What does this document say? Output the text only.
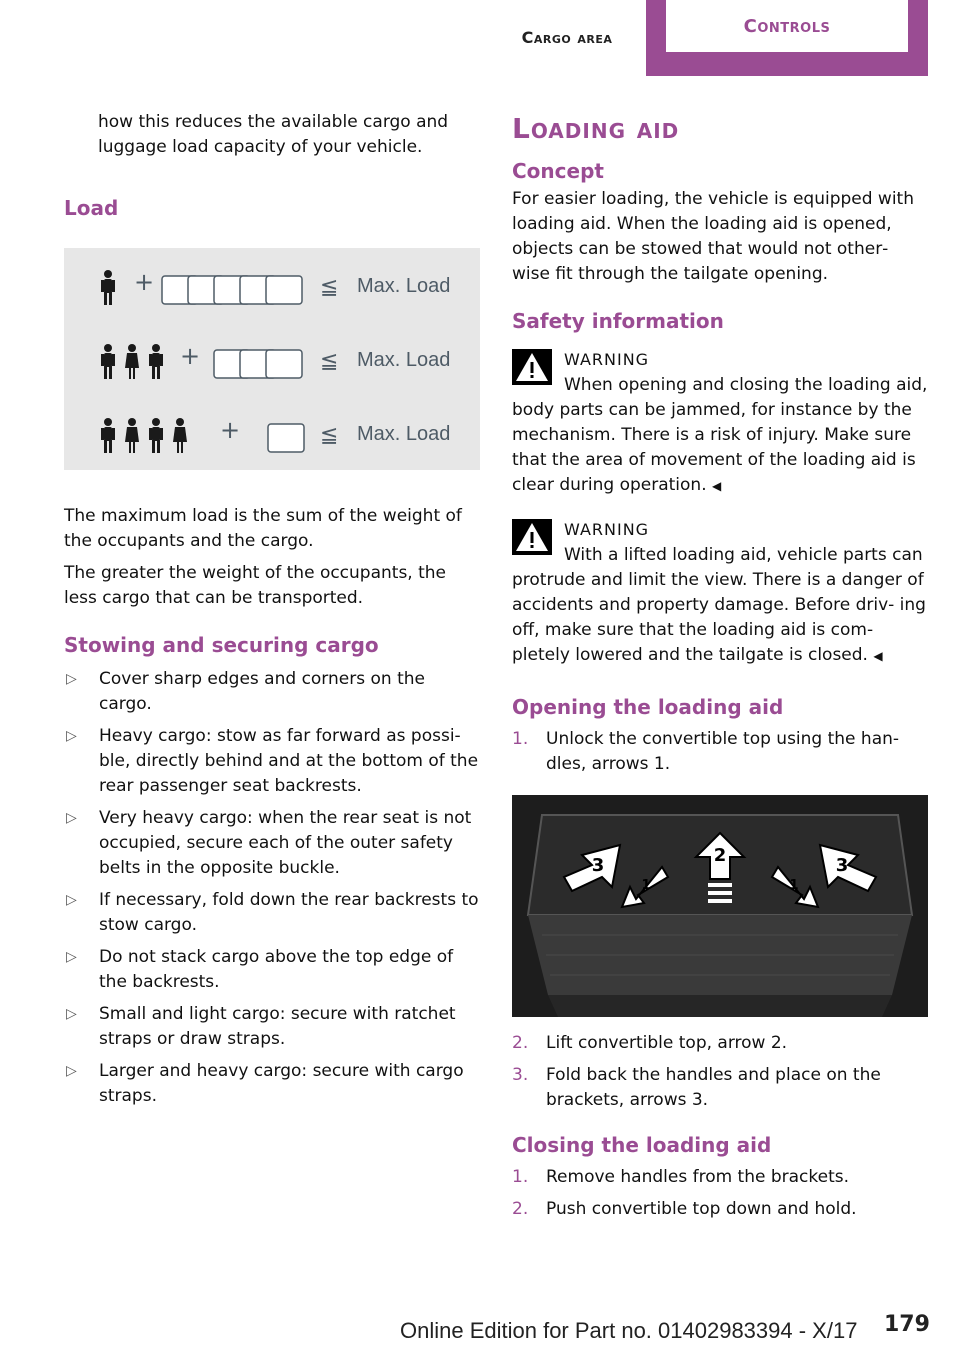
Cargo area
Controls

how this reduces the available cargo and luggage load capacity of your vehicle.

Load
+	≦ Max. Load
+	≦ Max. Load
+	≦ Max. Load

The maximum load is the sum of the weight of the occupants and the cargo.

The greater the weight of the occupants, the less cargo that can be transported.

Stowing and securing cargo
▷ Cover sharp edges and corners on the cargo.
▷ Heavy cargo: stow as far forward as possi‐ ble, directly behind and at the bottom of the rear passenger seat backrests.
▷ Very heavy cargo: when the rear seat is not occupied, secure each of the outer safety belts in the opposite buckle.
▷ If necessary, fold down the rear backrests to stow cargo.
▷ Do not stack cargo above the top edge of the backrests.
▷ Small and light cargo: secure with ratchet straps or draw straps.
▷ Larger and heavy cargo: secure with cargo straps.
Loading aid
Concept

For easier loading, the vehicle is equipped with loading aid. When the loading aid is opened, objects can be stowed that would not other‐ wise fit through the tailgate opening.

Safety information
WARNING

When opening and closing the loading aid, body parts can be jammed, for instance by the mechanism. There is a risk of injury. Make sure that the area of movement of the loading aid is clear during operation. ◀

WARNING

With a lifted loading aid, vehicle parts can protrude and limit the view. There is a danger of accidents and property damage. Before driv‐ ing off, make sure that the loading aid is com‐ pletely lowered and the tailgate is closed. ◀

Opening the loading aid
1. Unlock the convertible top using the han‐ dles, arrows 1.
3
1
2
1
3
2. Lift convertible top, arrow 2.
3. Fold back the handles and place on the brackets, arrows 3.
Closing the loading aid
1. Remove handles from the brackets.
2. Push convertible top down and hold.
Online Edition for Part no. 01402983394 - X/17 179
